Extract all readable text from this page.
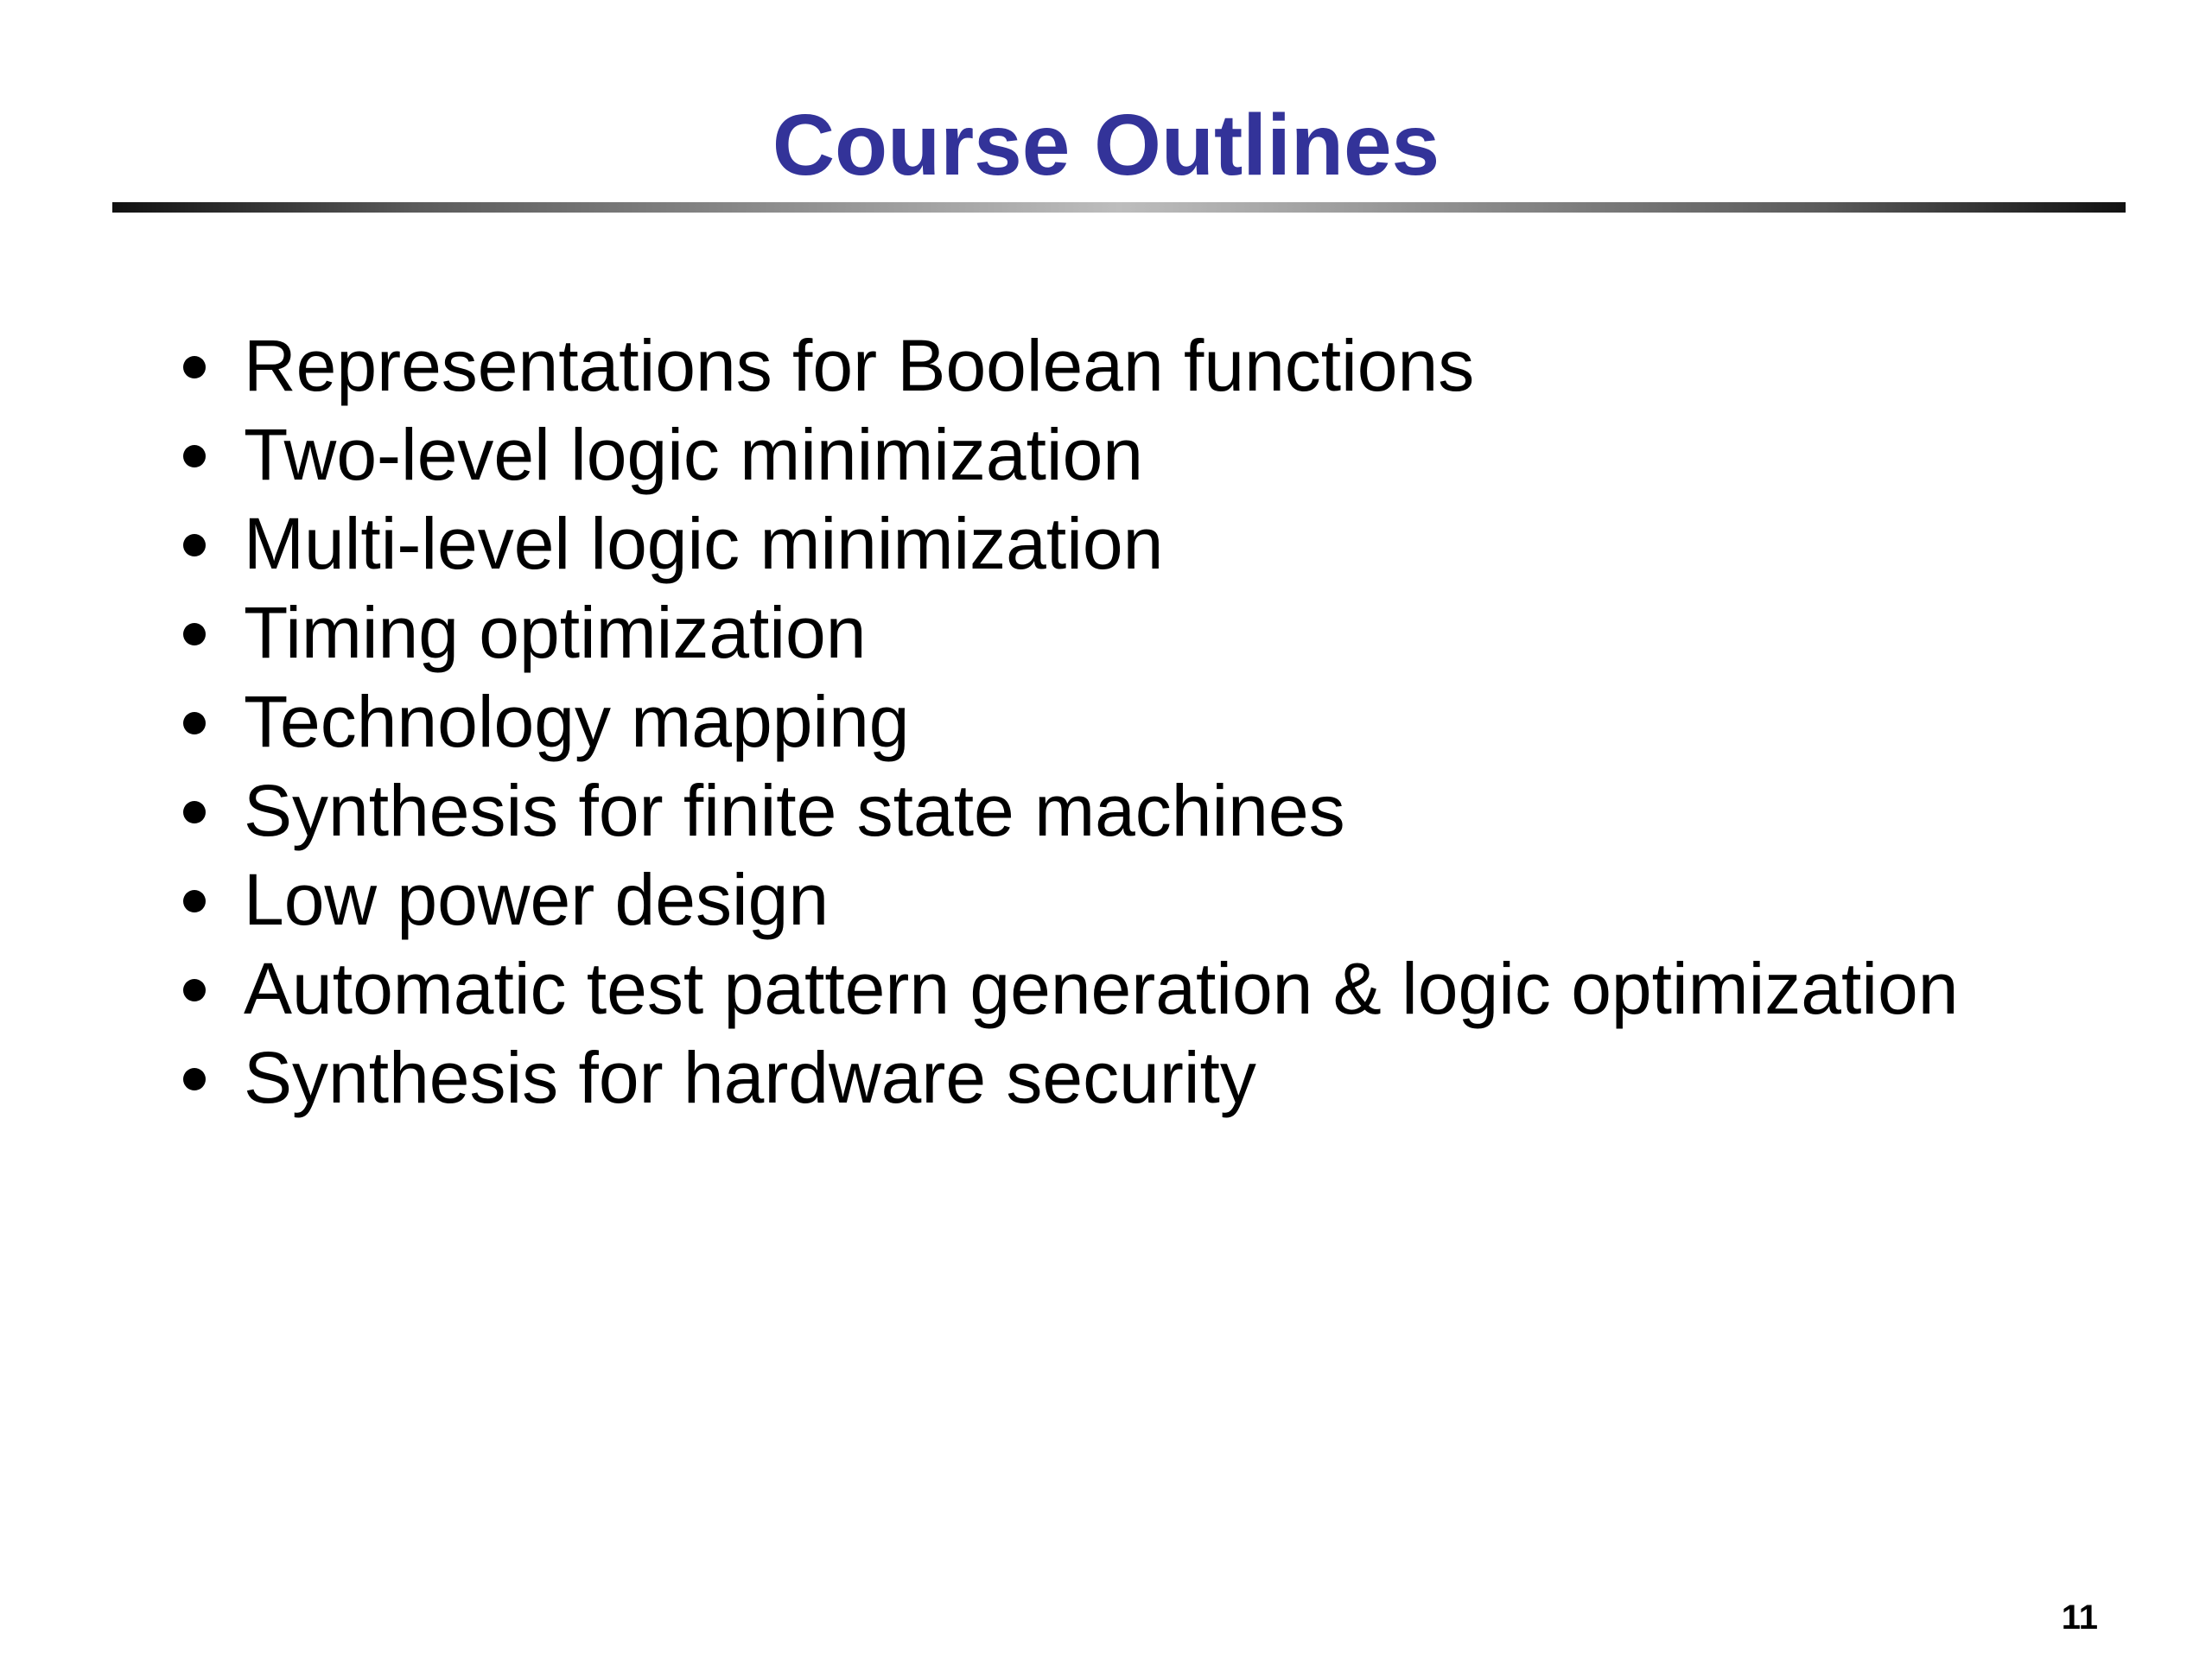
Course Outlines
Representations for Boolean functions
Two-level logic minimization
Multi-level logic minimization
Timing optimization
Technology mapping
Synthesis for finite state machines
Low power design
Automatic test pattern generation & logic optimization
Synthesis for hardware security
11
